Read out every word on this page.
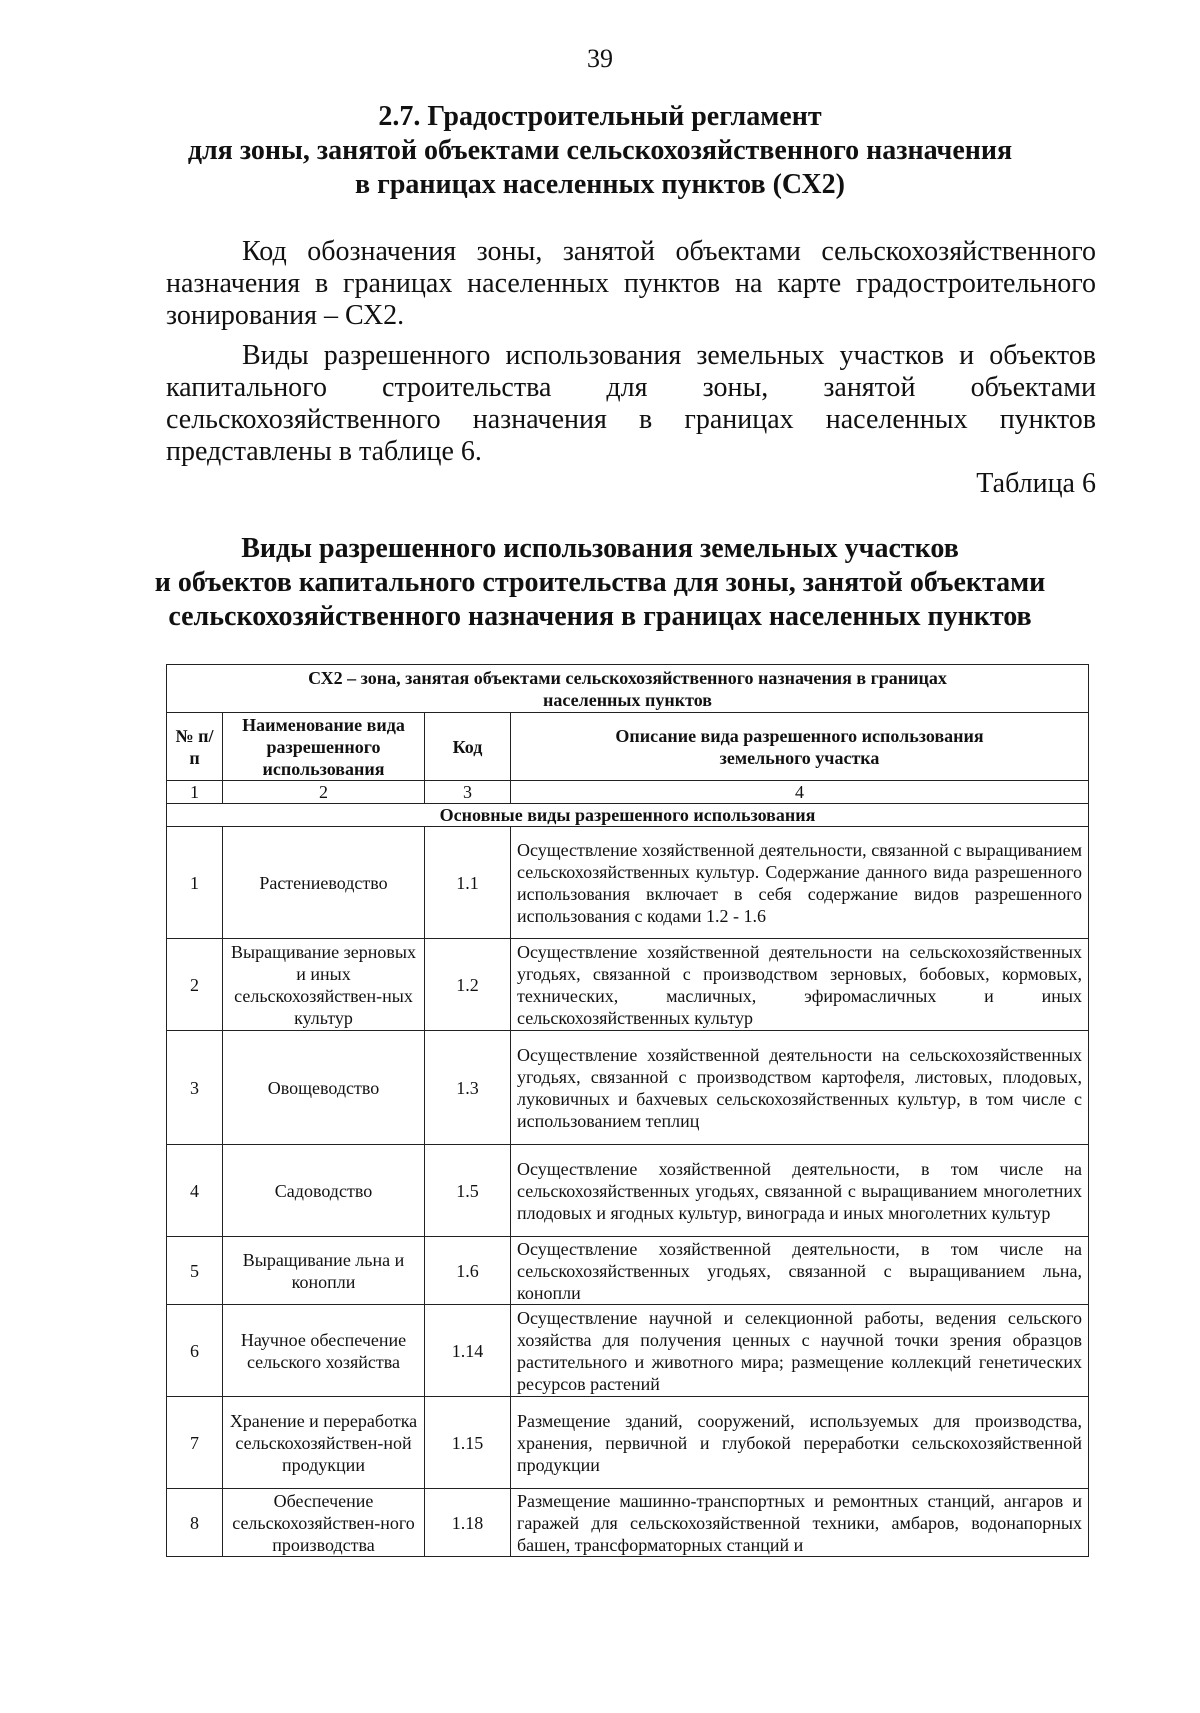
39
2.7. Градостроительный регламент
для зоны, занятой объектами сельскохозяйственного назначения
в границах населенных пунктов (СХ2)
Код обозначения зоны, занятой объектами сельскохозяйственного
назначения в границах населенных пунктов на карте градостроительного
зонирования – СХ2.
Виды разрешенного использования земельных участков и объектов
капитального строительства для зоны, занятой объектами
сельскохозяйственного назначения в границах населенных пунктов
представлены в таблице 6.
Таблица 6
Виды разрешенного использования земельных участков
и объектов капитального строительства для зоны, занятой объектами
сельскохозяйственного назначения в границах населенных пунктов
СХ2 – зона, занятая объектами сельскохозяйственного назначения в границах населенных пунктов			
№ п/п	Наименование вида разрешенного использования	Код	Описание вида разрешенного использования земельного участка
1	2	3	4
Основные виды разрешенного использования			
1	Растениеводство	1.1	Осуществление хозяйственной деятельности, связанной с выращиванием сельскохозяйственных культур. Содержание данного вида разрешенного использования включает в себя содержание видов разрешенного использования с кодами 1.2 - 1.6
2	Выращивание зерновых и иных сельскохозяйствен-ных культур	1.2	Осуществление хозяйственной деятельности на сельскохозяйственных угодьях, связанной с производством зерновых, бобовых, кормовых, технических, масличных, эфиромасличных и иных сельскохозяйственных культур
3	Овощеводство	1.3	Осуществление хозяйственной деятельности на сельскохозяйственных угодьях, связанной с производством картофеля, листовых, плодовых, луковичных и бахчевых сельскохозяйственных культур, в том числе с использованием теплиц
4	Садоводство	1.5	Осуществление хозяйственной деятельности, в том числе на сельскохозяйственных угодьях, связанной с выращиванием многолетних плодовых и ягодных культур, винограда и иных многолетних культур
5	Выращивание льна и конопли	1.6	Осуществление хозяйственной деятельности, в том числе на сельскохозяйственных угодьях, связанной с выращиванием льна, конопли
6	Научное обеспечение сельского хозяйства	1.14	Осуществление научной и селекционной работы, ведения сельского хозяйства для получения ценных с научной точки зрения образцов растительного и животного мира; размещение коллекций генетических ресурсов растений
7	Хранение и переработка сельскохозяйствен-ной продукции	1.15	Размещение зданий, сооружений, используемых для производства, хранения, первичной и глубокой переработки сельскохозяйственной продукции
8	Обеспечение сельскохозяйствен-ного производства	1.18	Размещение машинно-транспортных и ремонтных станций, ангаров и гаражей для сельскохозяйственной техники, амбаров, водонапорных башен, трансформаторных станций и
